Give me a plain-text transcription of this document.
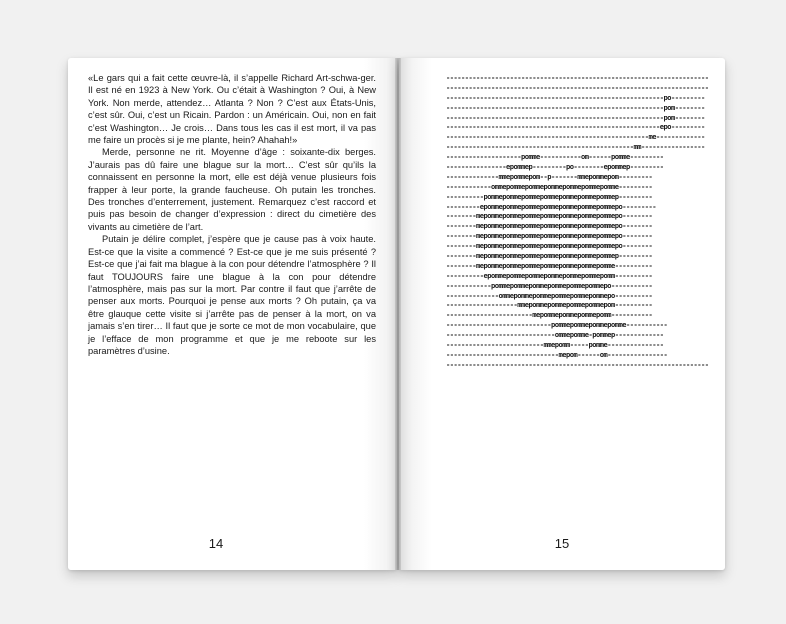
«Le gars qui a fait cette œuvre-là, il s’appelle Richard Art-schwa-ger. Il est né en 1923 à New York. Ou c’était à Washington ? Oui, à New York. Non merde, attendez… Atlanta ? Non ? C’est aux États-Unis, c’est sûr. Oui, c’est un Ricain. Pardon : un Américain. Oui, non en fait c’est Washington… Je crois… Dans tous les cas il est mort, il va pas me faire un procès si je me plante, hein? Ahahah!»

Merde, personne ne rit. Moyenne d’âge : soixante-dix berges. J’aurais pas dû faire une blague sur la mort… C’est sûr qu’ils la connaissent en personne la mort, elle est déjà venue plusieurs fois frapper à leur porte, la grande faucheuse. Oh putain les tronches. Des tronches d’enterrement, justement. Remarquez c’est raccord et puis pas besoin de changer d’expression : direct du cimetière des vivants au cimetière de l’art.

Putain je délire complet, j’espère que je cause pas à voix haute. Est-ce que la visite a commencé ? Est-ce que je me suis présenté ? Est-ce que j’ai fait ma blague à la con pour détendre l’atmosphère ? Il faut TOUJOURS faire une blague à la con pour détendre l’atmosphère, mais pas sur la mort. Par contre il faut que j’arrête de penser aux morts. Pourquoi je pense aux morts ? Oh putain, ça va être glauque cette visite si j’arrête pas de penser à la mort, on va jamais s’en tirer… Il faut que je sorte ce mot de mon vocabulaire, que je l’efface de mon programme et que je me reboote sur les paramètres d’usine.

14
----------------------------------------------------------------------
----------------------------------------------------------------------
----------------------------------------------------------po---------
----------------------------------------------------------pom--------
----------------------------------------------------------pom--------
---------------------------------------------------------epo---------
------------------------------------------------------me-------------
--------------------------------------------------mm-----------------
--------------------pomme-----------om------pomme---------
----------------epommep---------po--------epommep---------
--------------mmepommepom--p-------mmepommepom---------
------------ommepommepommepommepommepommepomme---------
----------pommepommepommepommepommepommepommep---------
---------epommepommepommepommepommepommepommepo---------
--------mepommepommepommepommepommepommepommepo--------
--------mepommepommepommepommepommepommepommepo--------
--------mepommepommepommepommepommepommepommepo--------
--------mepommepommepommepommepommepommepommepo--------
--------mepommepommepommepommepommepommepommep---------
--------mepommepommepommepommepommepommepomme----------
----------epommepommepommepommepommepommepomm----------
------------pommepommepommepommepommepommepo-----------
--------------ommepommepommepommepommepommepo----------
-------------------mmepommepommepommepommepom----------
-----------------------mepommepommepommepomm-----------
----------------------------pommepommepommepomme-----------
-----------------------------ommepomme-pommep-------------
--------------------------mmepomm-----pomme---------------
------------------------------mepom------om----------------
----------------------------------------------------------------------
15
